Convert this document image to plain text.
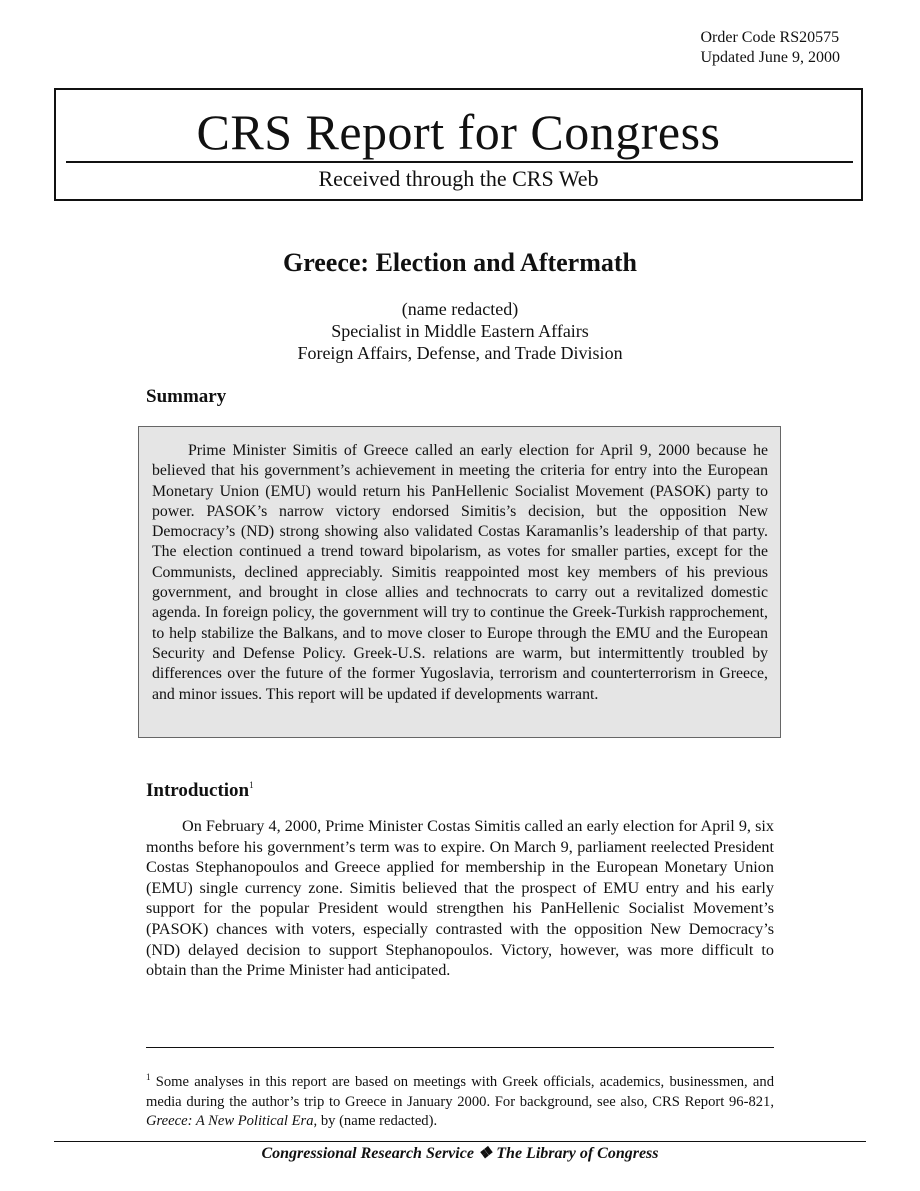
Order Code RS20575
Updated June 9, 2000
CRS Report for Congress
Received through the CRS Web
Greece: Election and Aftermath
(name redacted)
Specialist in Middle Eastern Affairs
Foreign Affairs, Defense, and Trade Division
Summary
Prime Minister Simitis of Greece called an early election for April 9, 2000 because he believed that his government’s achievement in meeting the criteria for entry into the European Monetary Union (EMU) would return his PanHellenic Socialist Movement (PASOK) party to power. PASOK’s narrow victory endorsed Simitis’s decision, but the opposition New Democracy’s (ND) strong showing also validated Costas Karamanlis’s leadership of that party. The election continued a trend toward bipolarism, as votes for smaller parties, except for the Communists, declined appreciably. Simitis reappointed most key members of his previous government, and brought in close allies and technocrats to carry out a revitalized domestic agenda. In foreign policy, the government will try to continue the Greek-Turkish rapprochement, to help stabilize the Balkans, and to move closer to Europe through the EMU and the European Security and Defense Policy. Greek-U.S. relations are warm, but intermittently troubled by differences over the future of the former Yugoslavia, terrorism and counterterrorism in Greece, and minor issues. This report will be updated if developments warrant.
Introduction$^1$
On February 4, 2000, Prime Minister Costas Simitis called an early election for April 9, six months before his government’s term was to expire. On March 9, parliament reelected President Costas Stephanopoulos and Greece applied for membership in the European Monetary Union (EMU) single currency zone. Simitis believed that the prospect of EMU entry and his early support for the popular President would strengthen his PanHellenic Socialist Movement’s (PASOK) chances with voters, especially contrasted with the opposition New Democracy’s (ND) delayed decision to support Stephanopoulos. Victory, however, was more difficult to obtain than the Prime Minister had anticipated.
$^1$ Some analyses in this report are based on meetings with Greek officials, academics, businessmen, and media during the author’s trip to Greece in January 2000. For background, see also, CRS Report 96-821, Greece: A New Political Era, by (name redacted).
Congressional Research Service ❖ The Library of Congress
